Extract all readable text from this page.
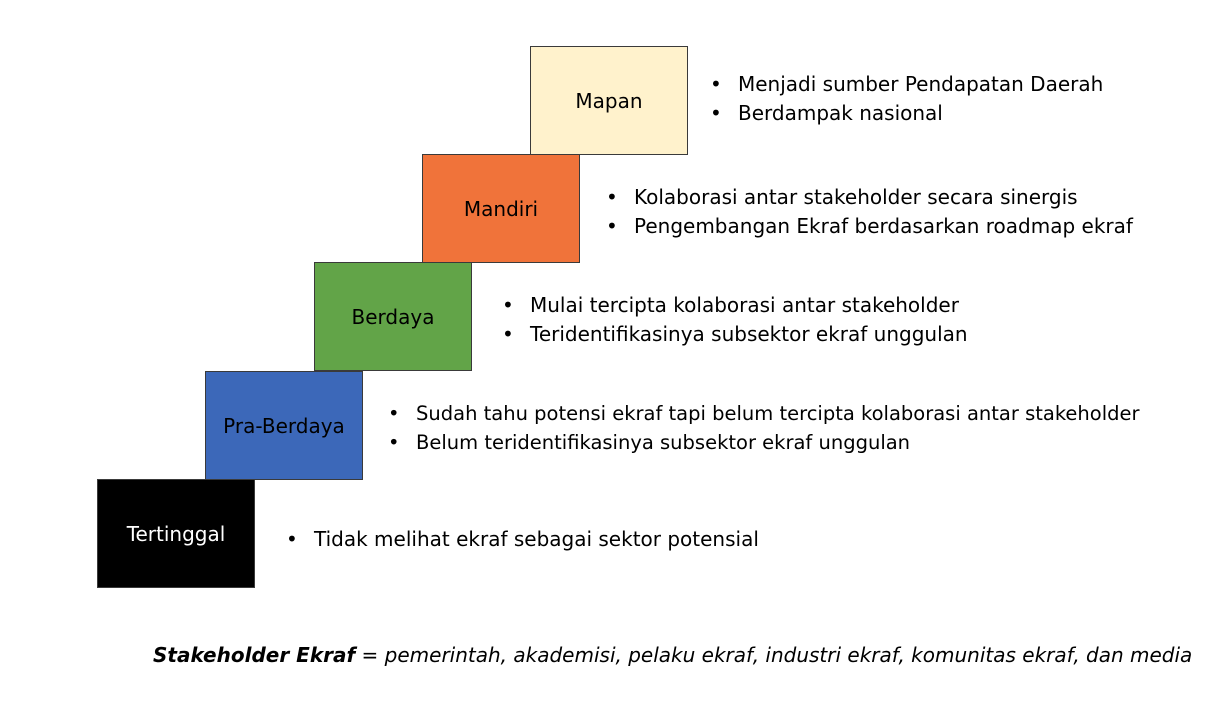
Mapan
Mandiri
Berdaya
Pra-Berdaya
Tertinggal
• Menjadi sumber Pendapatan Daerah
• Berdampak nasional
• Kolaborasi antar stakeholder secara sinergis
• Pengembangan Ekraf berdasarkan roadmap ekraf
• Mulai tercipta kolaborasi antar stakeholder
• Teridentifikasinya subsektor ekraf unggulan
• Sudah tahu potensi ekraf tapi belum tercipta kolaborasi antar stakeholder
• Belum teridentifikasinya subsektor ekraf unggulan
• Tidak melihat ekraf sebagai sektor potensial
Stakeholder Ekraf = pemerintah, akademisi, pelaku ekraf, industri ekraf, komunitas ekraf, dan media
